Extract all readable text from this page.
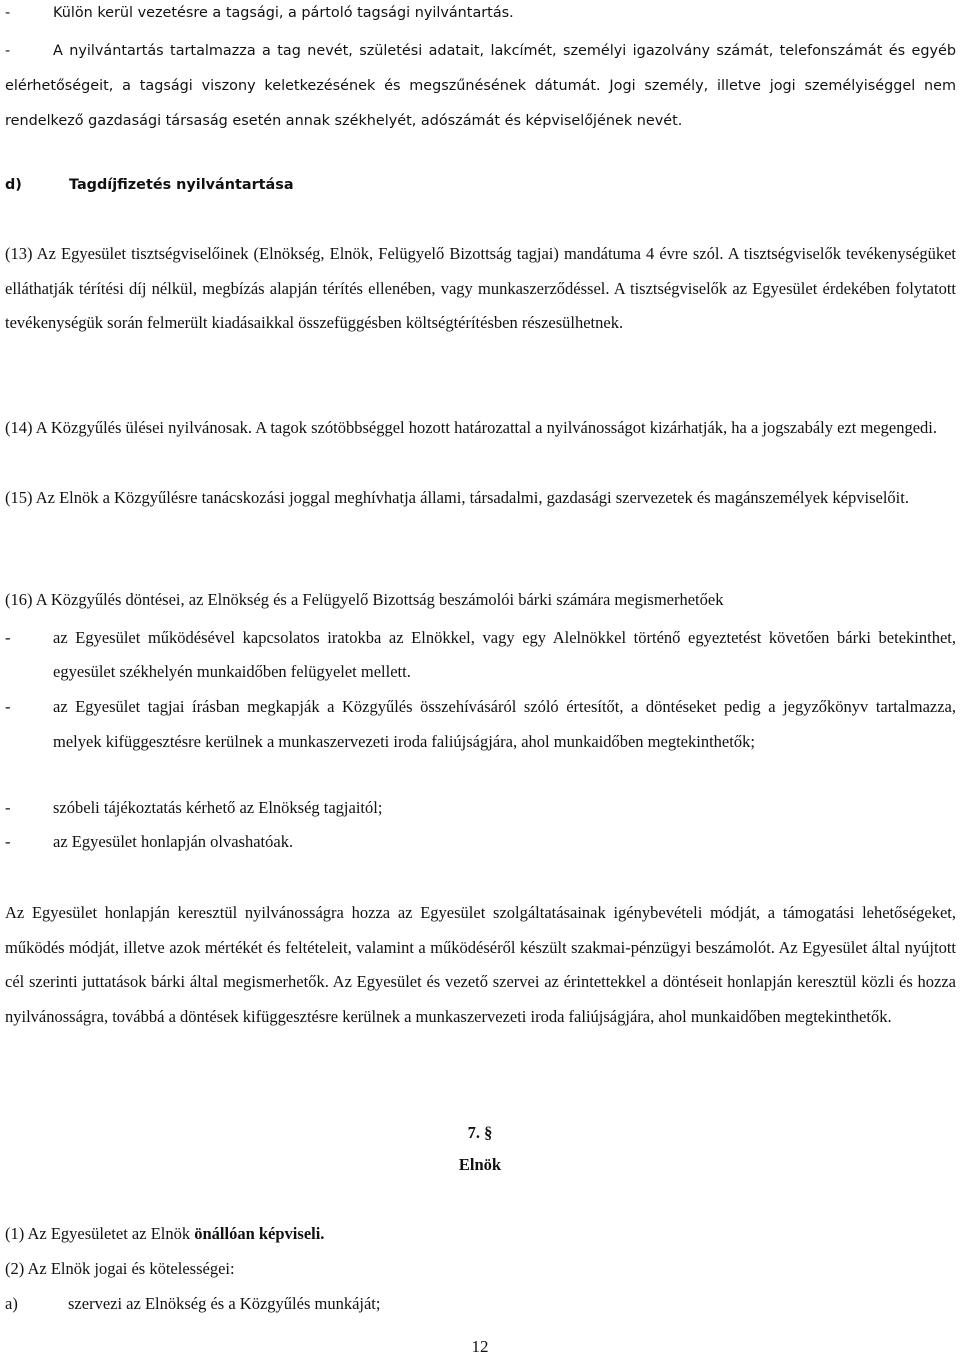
-	Külön kerül vezetésre a tagsági, a pártoló tagsági nyilvántartás.
-	A nyilvántartás tartalmazza a tag nevét, születési adatait, lakcímét, személyi igazolvány számát, telefonszámát és egyéb elérhetőségeit, a tagsági viszony keletkezésének és megszűnésének dátumát. Jogi személy, illetve jogi személyiséggel nem rendelkező gazdasági társaság esetén annak székhelyét, adószámát és képviselőjének nevét.
d)	Tagdíjfizetés nyilvántartása

(13) Az Egyesület tisztségviselőinek (Elnökség, Elnök, Felügyelő Bizottság tagjai) mandátuma 4 évre szól. A tisztségviselők tevékenységüket elláthatják térítési díj nélkül, megbízás alapján térítés ellenében, vagy munkaszerződéssel. A tisztségviselők az Egyesület érdekében folytatott tevékenységük során felmerült kiadásaikkal összefüggésben költségtérítésben részesülhetnek.

(14) A Közgyűlés ülései nyilvánosak. A tagok szótöbbséggel hozott határozattal a nyilvánosságot kizárhatják, ha a jogszabály ezt megengedi.

(15) Az Elnök a Közgyűlésre tanácskozási joggal meghívhatja állami, társadalmi, gazdasági szervezetek és magánszemélyek képviselőit.

(16) A Közgyűlés döntései, az Elnökség és a Felügyelő Bizottság beszámolói bárki számára megismerhetőek

-	az Egyesület működésével kapcsolatos iratokba az Elnökkel, vagy egy Alelnökkel történő egyeztetést követően bárki betekinthet, egyesület székhelyén munkaidőben felügyelet mellett.
-	az Egyesület tagjai írásban megkapják a Közgyűlés összehívásáról szóló értesítőt, a döntéseket pedig a jegyzőkönyv tartalmazza, melyek kifüggesztésre kerülnek a munkaszervezeti iroda faliújságjára, ahol munkaidőben megtekinthetők;
-	szóbeli tájékoztatás kérhető az Elnökség tagjaitól;
-	az Egyesület honlapján olvashatóak.

Az Egyesület honlapján keresztül nyilvánosságra hozza az Egyesület szolgáltatásainak igénybevételi módját, a támogatási lehetőségeket, működés módját, illetve azok mértékét és feltételeit, valamint a működéséről készült szakmai-pénzügyi beszámolót. Az Egyesület által nyújtott cél szerinti juttatások bárki által megismerhetők. Az Egyesület és vezető szervei az érintettekkel a döntéseit honlapján keresztül közli és hozza nyilvánosságra, továbbá a döntések kifüggesztésre kerülnek a munkaszervezeti iroda faliújságjára, ahol munkaidőben megtekinthetők.

7. §

Elnök

(1) Az Egyesületet az Elnök önállóan képviseli.

(2) Az Elnök jogai és kötelességei:

a)	szervezi az Elnökség és a Közgyűlés munkáját;

12
